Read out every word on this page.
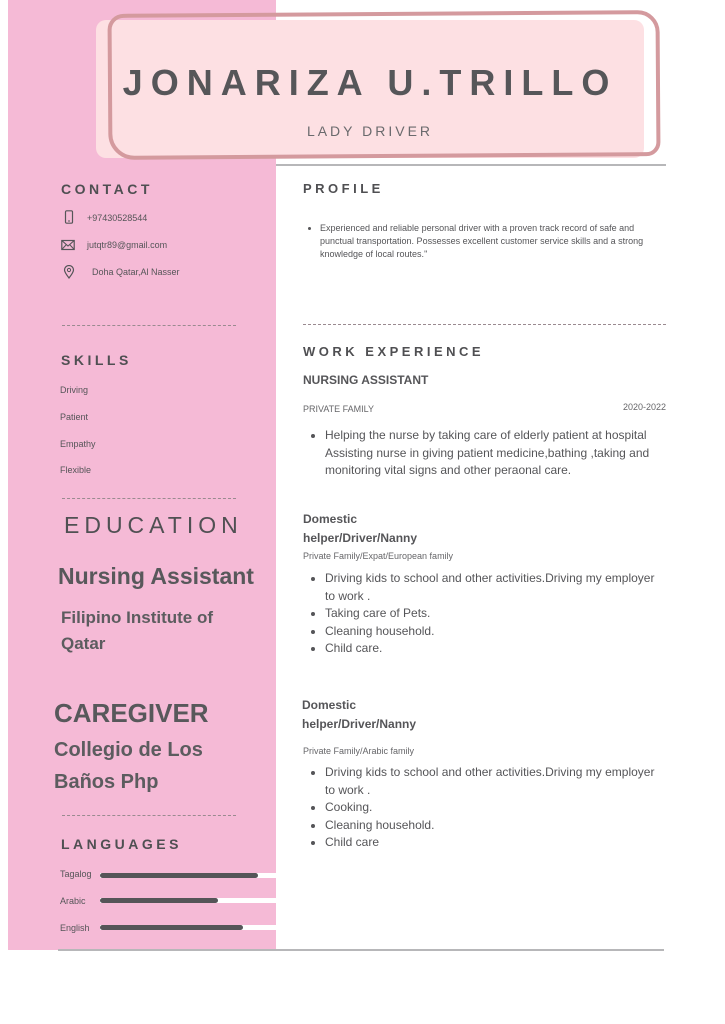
JONARIZA U.TRILLO
LADY DRIVER
CONTACT
+97430528544
jutqtr89@gmail.com
Doha Qatar,Al Nasser
SKILLS
Driving
Patient
Empathy
Flexible
EDUCATION
Nursing Assistant
Filipino Institute of
Qatar
CAREGIVER
Collegio de Los
Baños Php
LANGUAGES
Tagalog
Arabic
English
PROFILE
• Experienced and reliable personal driver with a proven track record of safe and punctual transportation. Possesses excellent customer service skills and a strong knowledge of local routes."
WORK EXPERIENCE
NURSING ASSISTANT
PRIVATE FAMILY	2020-2022
• Helping the nurse by taking care of elderly patient at hospital Assisting nurse in giving patient medicine,bathing ,taking and monitoring vital signs and other peraonal care.
Domestic
helper/Driver/Nanny
Private Family/Expat/European family
• Driving kids to school and other activities.Driving my employer to work .
• Taking care of Pets.
• Cleaning household.
• Child care.
Domestic
helper/Driver/Nanny
Private Family/Arabic family
• Driving kids to school and other activities.Driving my employer to work .
• Cooking.
• Cleaning household.
• Child care
